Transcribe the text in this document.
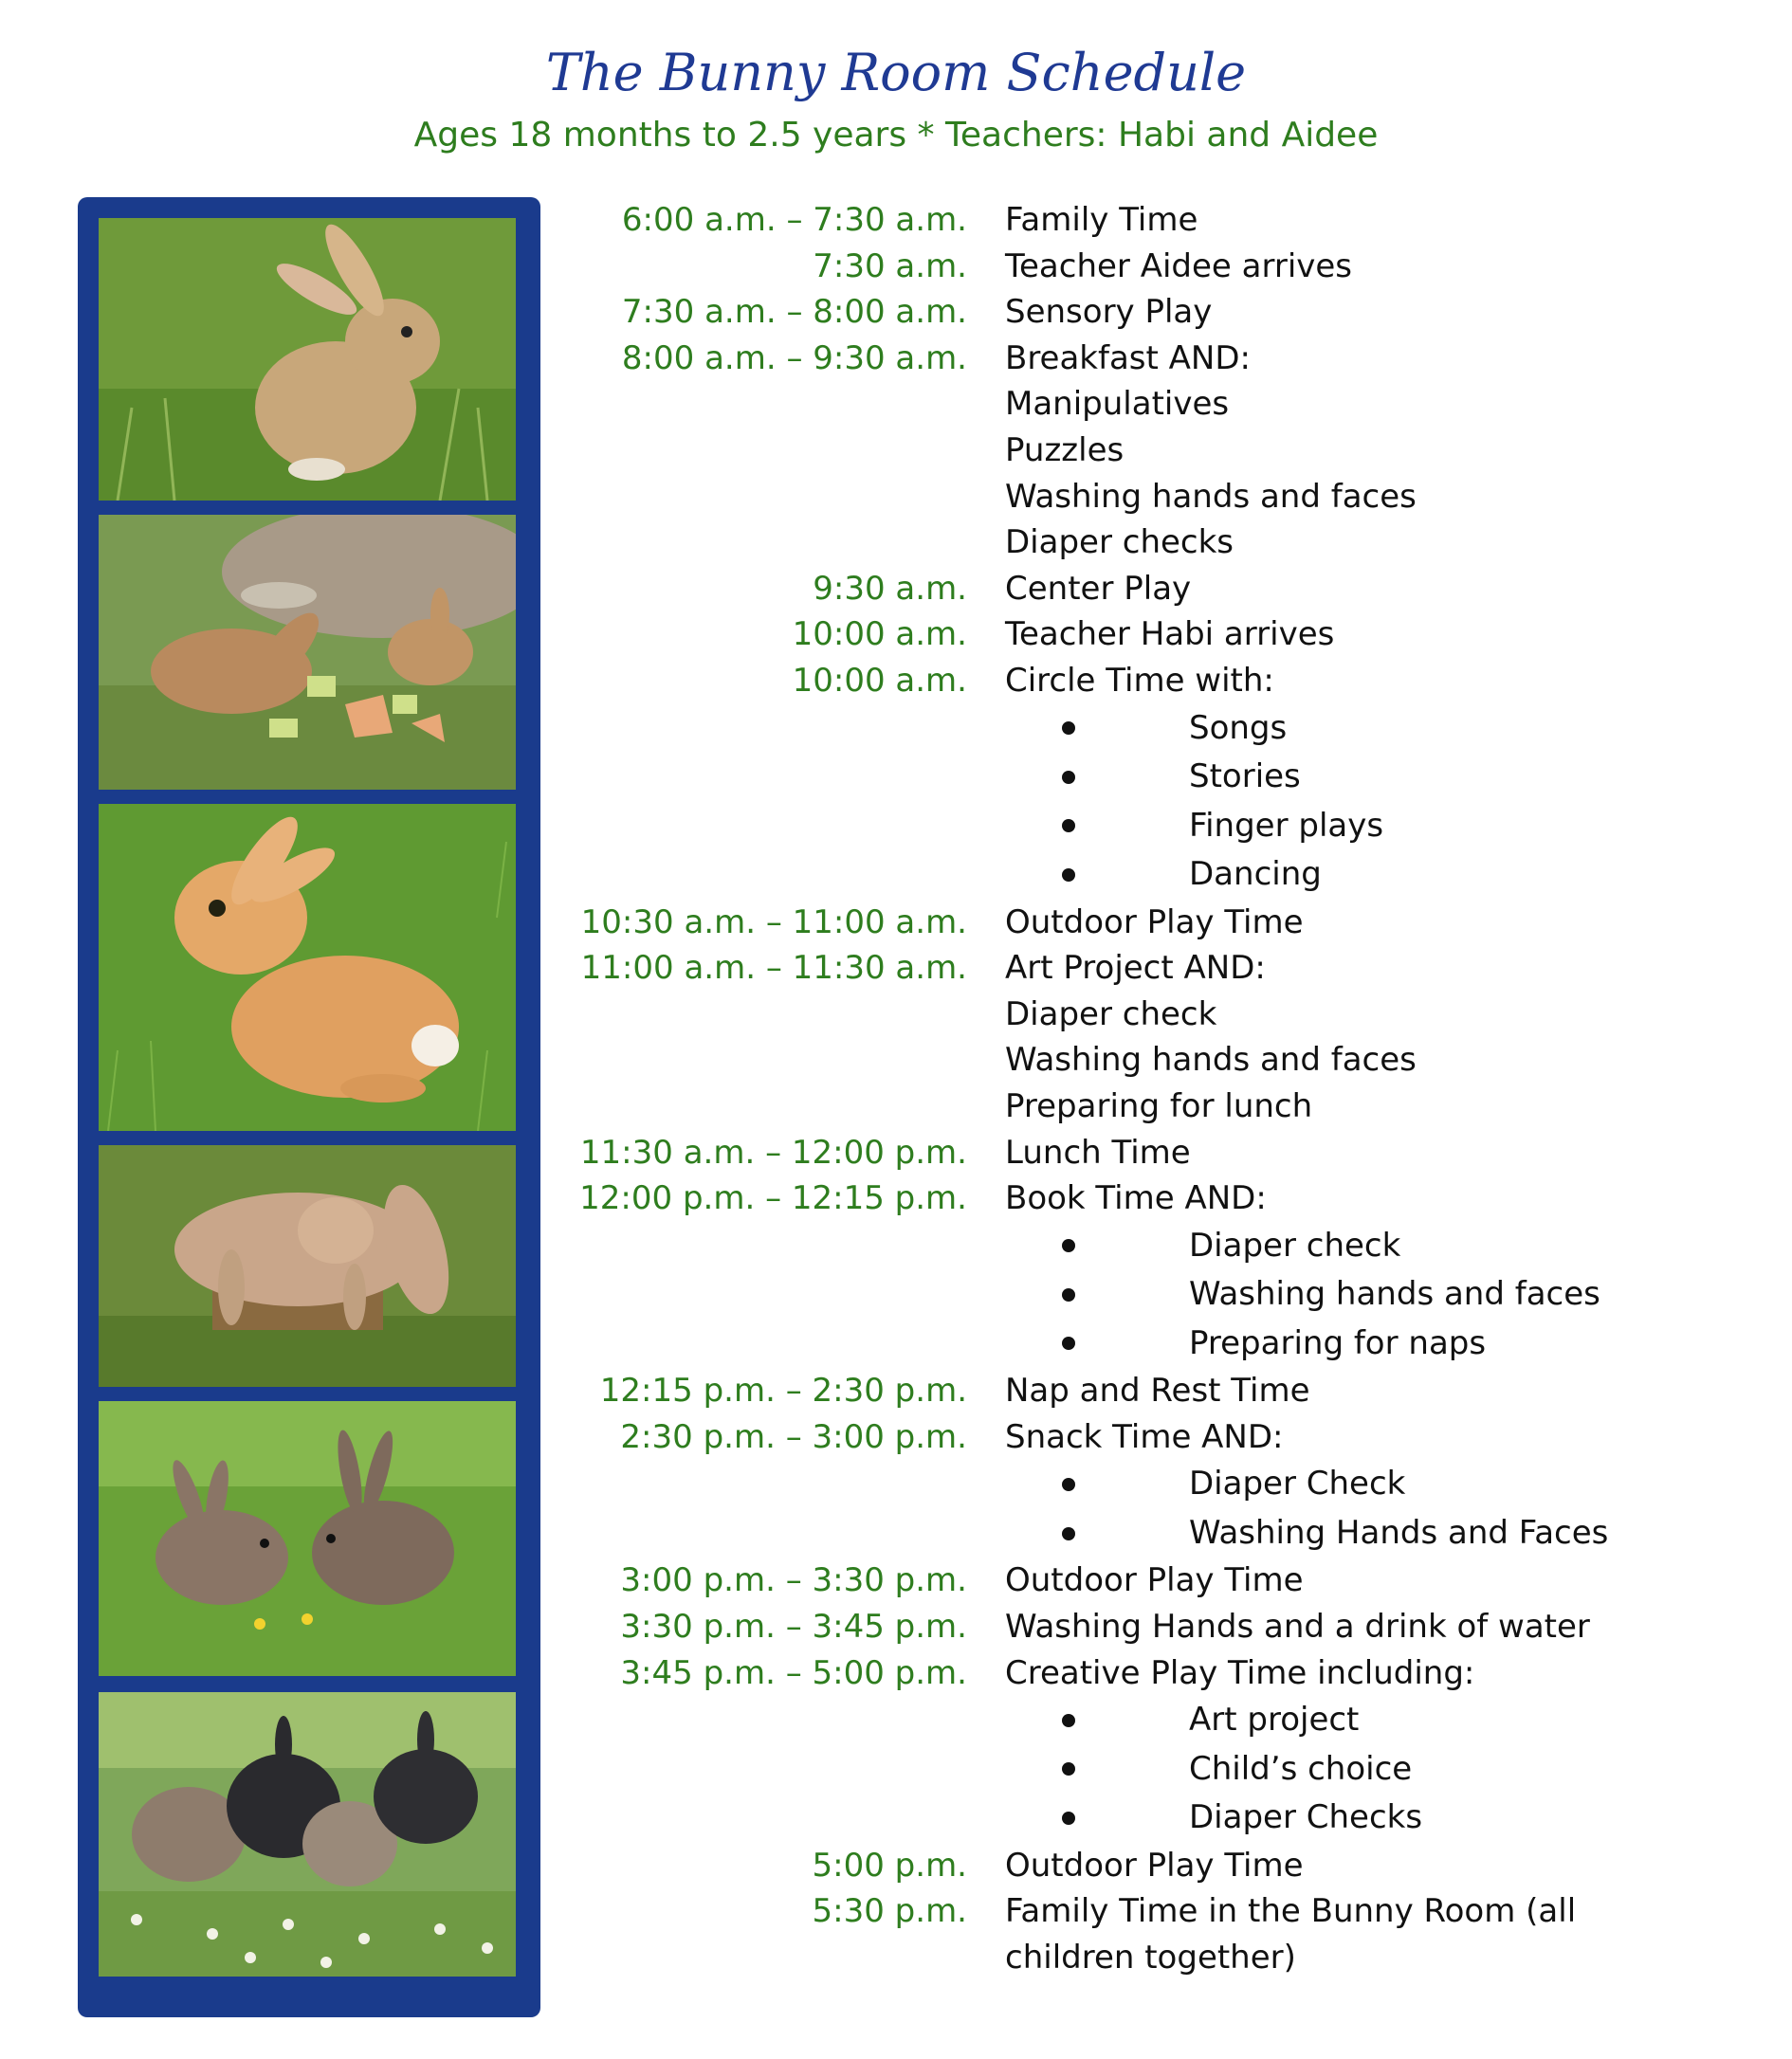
The Bunny Room Schedule

Ages 18 months to 2.5 years * Teachers: Habi and Aidee

6:00 a.m. – 7:30 a.m. Family Time
7:30 a.m. Teacher Aidee arrives
7:30 a.m. – 8:00 a.m. Sensory Play
8:00 a.m. – 9:30 a.m. Breakfast AND:
Manipulatives
Puzzles
Washing hands and faces
Diaper checks
9:30 a.m. Center Play
10:00 a.m. Teacher Habi arrives
10:00 a.m. Circle Time with:
Songs
Stories
Finger plays
Dancing
10:30 a.m. – 11:00 a.m. Outdoor Play Time
11:00 a.m. – 11:30 a.m. Art Project AND:
Diaper check
Washing hands and faces
Preparing for lunch
11:30 a.m. – 12:00 p.m. Lunch Time
12:00 p.m. – 12:15 p.m. Book Time AND:
Diaper check
Washing hands and faces
Preparing for naps
12:15 p.m. – 2:30 p.m. Nap and Rest Time
2:30 p.m. – 3:00 p.m. Snack Time AND:
Diaper Check
Washing Hands and Faces
3:00 p.m. – 3:30 p.m. Outdoor Play Time
3:30 p.m. – 3:45 p.m. Washing Hands and a drink of water
3:45 p.m. – 5:00 p.m. Creative Play Time including:
Art project
Child’s choice
Diaper Checks
5:00 p.m. Outdoor Play Time
5:30 p.m. Family Time in the Bunny Room (all children together)
